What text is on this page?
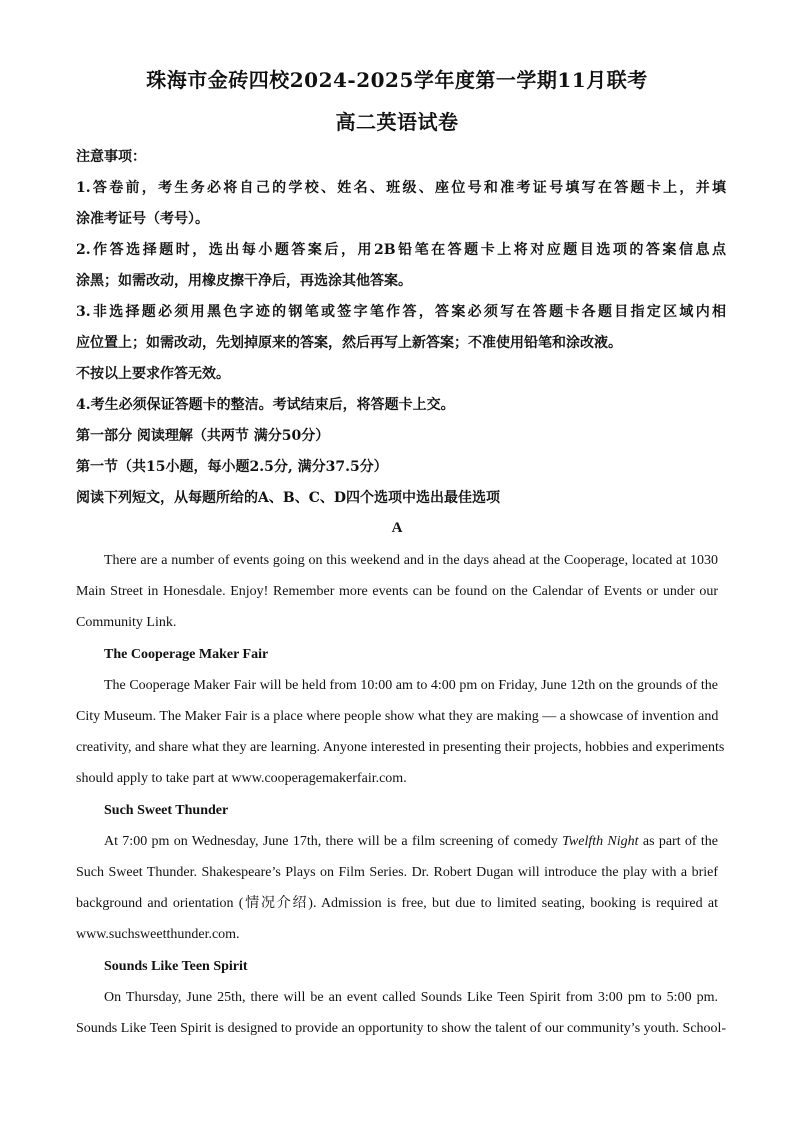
珠海市金砖四校2024-2025学年度第一学期11月联考
高二英语试卷
注意事项：
1.答卷前，考生务必将自己的学校、姓名、班级、座位号和准考证号填写在答题卡上，并填
涂准考证号（考号）。
2.作答选择题时，选出每小题答案后，用2B铅笔在答题卡上将对应题目选项的答案信息点
涂黑；如需改动，用橡皮擦干净后，再选涂其他答案。
3.非选择题必须用黑色字迹的钢笔或签字笔作答，答案必须写在答题卡各题目指定区域内相
应位置上；如需改动，先划掉原来的答案，然后再写上新答案；不准使用铅笔和涂改液。
不按以上要求作答无效。
4.考生必须保证答题卡的整洁。考试结束后，将答题卡上交。
第一部分 阅读理解（共两节 满分50分）
第一节（共15小题，每小题2.5分, 满分37.5分）
阅读下列短文，从每题所给的A、B、C、D四个选项中选出最佳选项
A
There are a number of events going on this weekend and in the days ahead at the Cooperage, located at 1030
Main Street in Honesdale. Enjoy! Remember more events can be found on the Calendar of Events or under our
Community Link.
The Cooperage Maker Fair
The Cooperage Maker Fair will be held from 10:00 am to 4:00 pm on Friday, June 12th on the grounds of the
City Museum. The Maker Fair is a place where people show what they are making — a showcase of invention and
creativity, and share what they are learning. Anyone interested in presenting their projects, hobbies and experiments
should apply to take part at www.cooperagemakerfair.com.
Such Sweet Thunder
At 7:00 pm on Wednesday, June 17th, there will be a film screening of comedy Twelfth Night as part of the
Such Sweet Thunder. Shakespeare’s Plays on Film Series. Dr. Robert Dugan will introduce the play with a brief
background and orientation (情况介绍). Admission is free, but due to limited seating, booking is required at
www.suchsweetthunder.com.
Sounds Like Teen Spirit
On Thursday, June 25th, there will be an event called Sounds Like Teen Spirit from 3:00 pm to 5:00 pm.
Sounds Like Teen Spirit is designed to provide an opportunity to show the talent of our community’s youth. School-
